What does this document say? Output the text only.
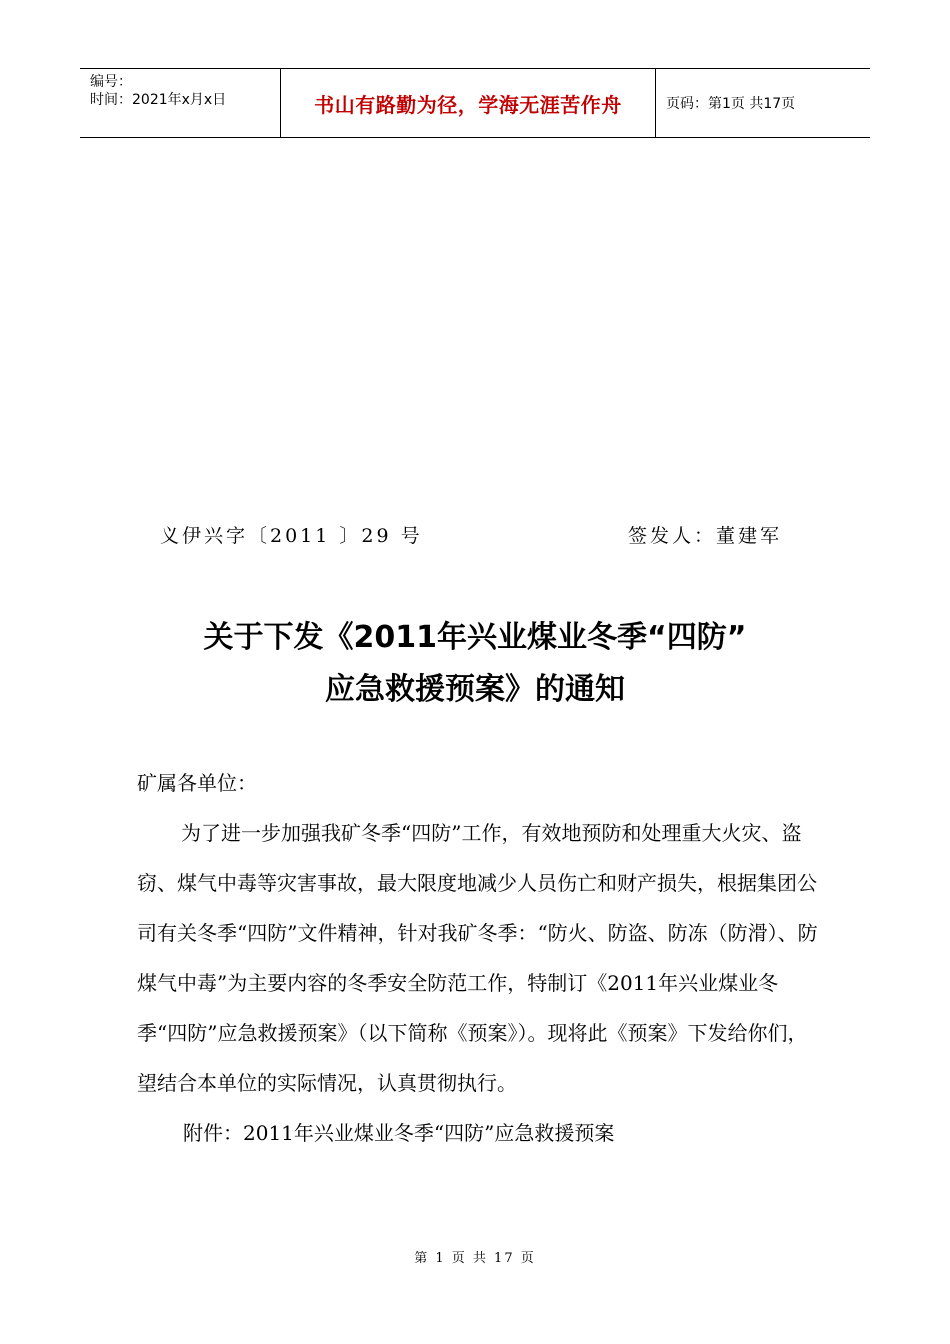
编号：
时间：2021年x月x日	书山有路勤为径，学海无涯苦作舟	页码：第1页 共17页
义伊兴字〔2011 〕29 号	签发人：董建军
关于下发《2011年兴业煤业冬季“四防”
应急救援预案》的通知

矿属各单位：

为了进一步加强我矿冬季“四防”工作，有效地预防和处理重大火灾、盗窃、煤气中毒等灾害事故，最大限度地减少人员伤亡和财产损失，根据集团公司有关冬季“四防”文件精神，针对我矿冬季：“防火、防盗、防冻（防滑）、防煤气中毒”为主要内容的冬季安全防范工作，特制订《2011年兴业煤业冬季“四防”应急救援预案》（以下简称《预案》）。现将此《预案》下发给你们，望结合本单位的实际情况，认真贯彻执行。

附件：2011年兴业煤业冬季“四防”应急救援预案

第 1 页 共 17 页
